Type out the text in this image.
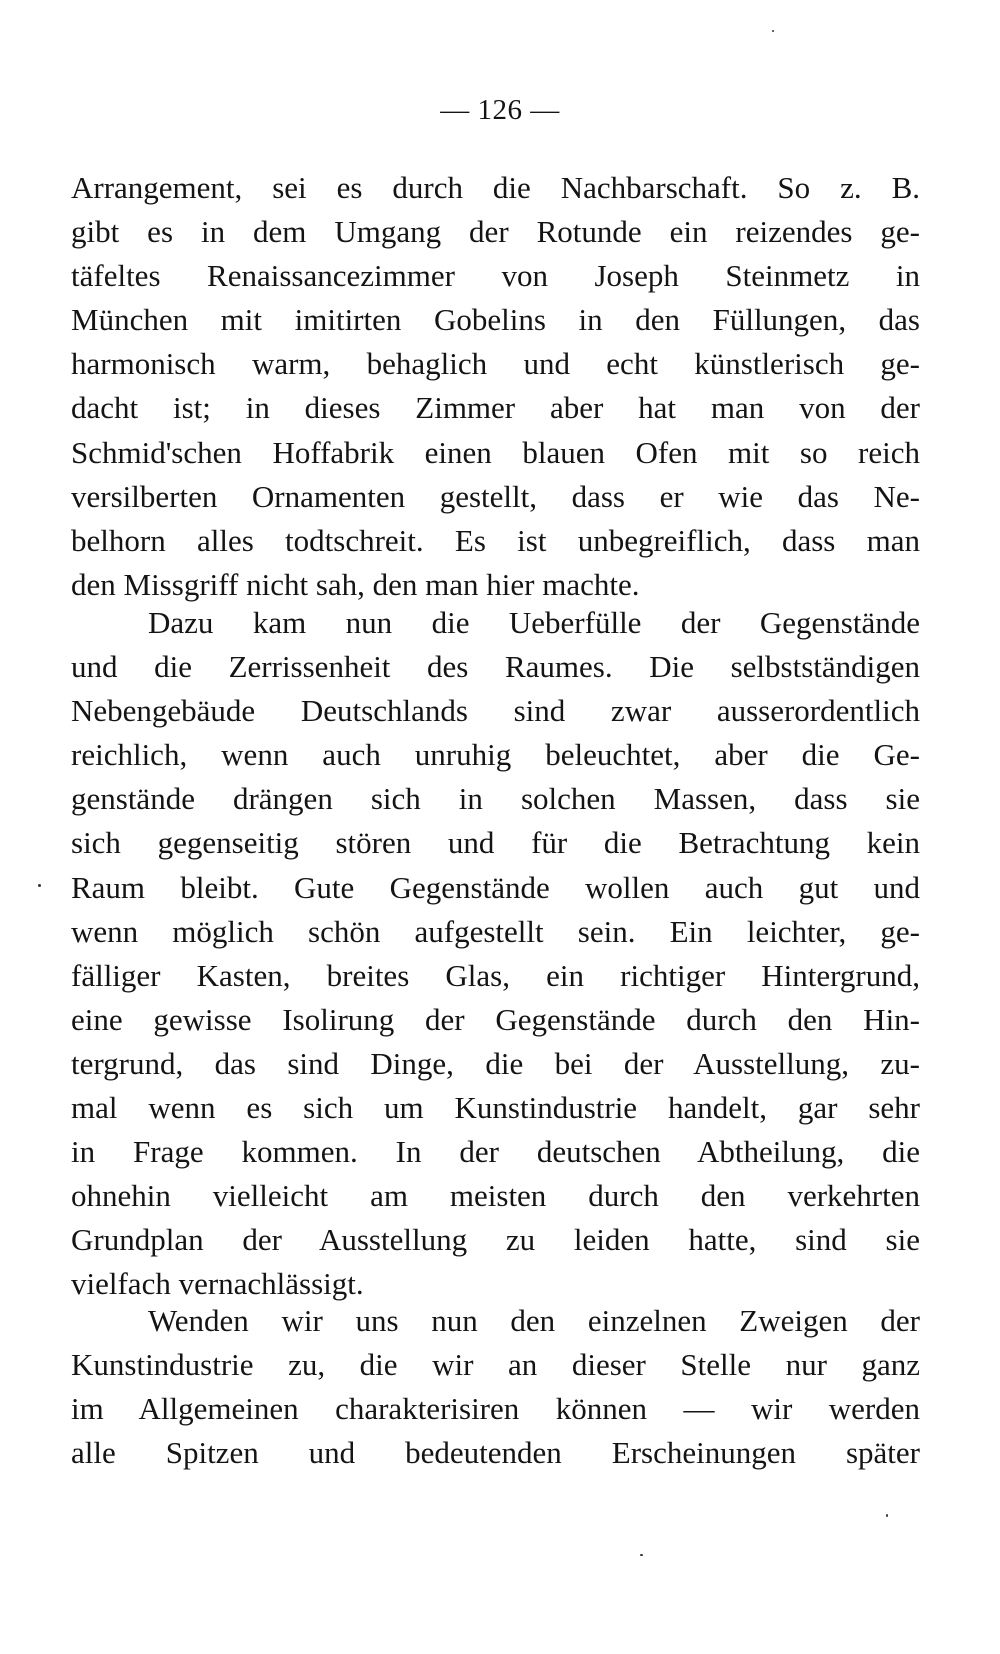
— 126 —
Arrangement, sei es durch die Nachbarschaft. So z. B.
gibt es in dem Umgang der Rotunde ein reizendes ge-
täfeltes Renaissancezimmer von Joseph Steinmetz in
München mit imitirten Gobelins in den Füllungen, das
harmonisch warm, behaglich und echt künstlerisch ge-
dacht ist; in dieses Zimmer aber hat man von der
Schmid'schen Hoffabrik einen blauen Ofen mit so reich
versilberten Ornamenten gestellt, dass er wie das Ne-
belhorn alles todtschreit. Es ist unbegreiflich, dass man
den Missgriff nicht sah, den man hier machte.
Dazu kam nun die Ueberfülle der Gegenstände
und die Zerrissenheit des Raumes. Die selbstständigen
Nebengebäude Deutschlands sind zwar ausserordentlich
reichlich, wenn auch unruhig beleuchtet, aber die Ge-
genstände drängen sich in solchen Massen, dass sie
sich gegenseitig stören und für die Betrachtung kein
Raum bleibt. Gute Gegenstände wollen auch gut und
wenn möglich schön aufgestellt sein. Ein leichter, ge-
fälliger Kasten, breites Glas, ein richtiger Hintergrund,
eine gewisse Isolirung der Gegenstände durch den Hin-
tergrund, das sind Dinge, die bei der Ausstellung, zu-
mal wenn es sich um Kunstindustrie handelt, gar sehr
in Frage kommen. In der deutschen Abtheilung, die
ohnehin vielleicht am meisten durch den verkehrten
Grundplan der Ausstellung zu leiden hatte, sind sie
vielfach vernachlässigt.
Wenden wir uns nun den einzelnen Zweigen der
Kunstindustrie zu, die wir an dieser Stelle nur ganz
im Allgemeinen charakterisiren können — wir werden
alle Spitzen und bedeutenden Erscheinungen später
